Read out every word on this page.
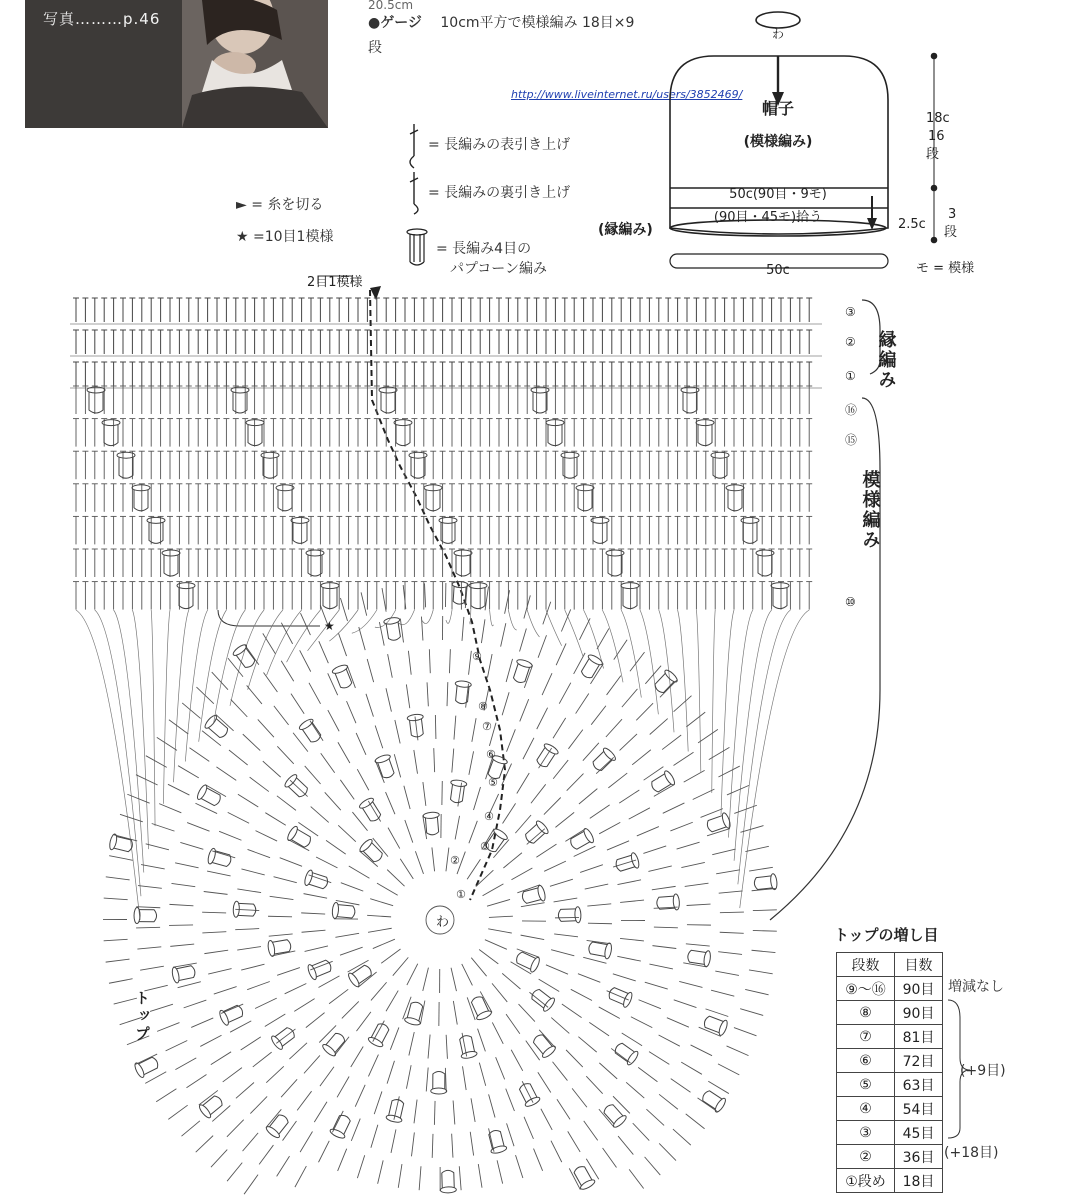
写真………p.46
20.5cm
●ゲージ 10cm平方で模様編み 18目×9
段
http://www.liveinternet.ru/users/3852469/
= 長編みの表引き上げ
= 長編みの裏引き上げ
► = 糸を切る
★ =10目1模様
= 長編み4目の
パプコーン編み
わ
帽子
(模様編み)
50c(90目・9モ)
(90目・45モ)拾う
(縁編み)
50c
18c
16
段
2.5c
3
段
モ = 模様
2目1模様
★
縁編み
模様編み
③
②
①
⑯
⑮
⑩
⑨
⑧
⑦
⑥
⑤
④
③
②
①
わ
トップ
トップの増し目
段数	目数
⑨〜⑯	90目
⑧	90目
⑦	81目
⑥	72目
⑤	63目
④	54目
③	45目
②	36目
①段め	18目
増減なし
(+9目)
(+18目)
